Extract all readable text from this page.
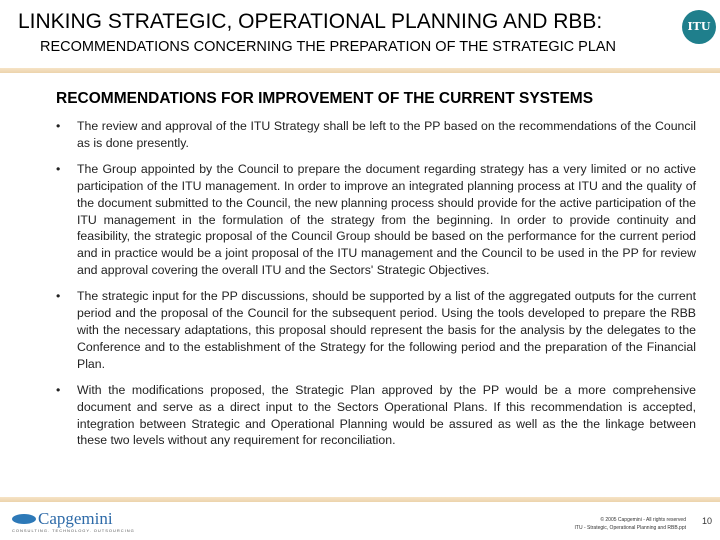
LINKING STRATEGIC, OPERATIONAL PLANNING AND RBB:
RECOMMENDATIONS CONCERNING THE PREPARATION OF THE STRATEGIC PLAN
ITU
RECOMMENDATIONS FOR IMPROVEMENT OF THE CURRENT SYSTEMS
•	The review and approval of the ITU Strategy shall be left to the PP based on the recommendations of the Council as is done presently.
•	The Group appointed by the Council to prepare the document regarding strategy has a very limited or no active participation of the ITU management. In order to improve an integrated planning process at ITU and the quality of the document submitted to the Council, the new planning process should provide for the active participation of the ITU management in the formulation of the strategy from the beginning. In order to provide continuity and feasibility, the strategic proposal of the Council Group should be based on the performance for the current period and in practice would be a joint proposal of the ITU management and the Council to be used in the PP for review and approval covering the overall ITU and the Sectors' Strategic Objectives.
•	The strategic input for the PP discussions, should be supported by a list of the aggregated outputs for the current period and the proposal of the Council for the subsequent period. Using the tools developed to prepare the RBB with the necessary adaptations, this proposal should represent the basis for the analysis by the delegates to the Conference and to the establishment of the Strategy for the following period and the preparation of the Financial Plan.
•	With the modifications proposed, the Strategic Plan approved by the PP would be a more comprehensive document and serve as a direct input to the Sectors Operational Plans. If this recommendation is accepted, integration between Strategic and Operational Planning would be assured as well as the the linkage between these two levels without any requirement for reconciliation.
Capgemini
CONSULTING. TECHNOLOGY. OUTSOURCING
© 2005 Capgemini - All rights reserved
ITU - Strategic, Operational Planning and RBB.ppt
10
